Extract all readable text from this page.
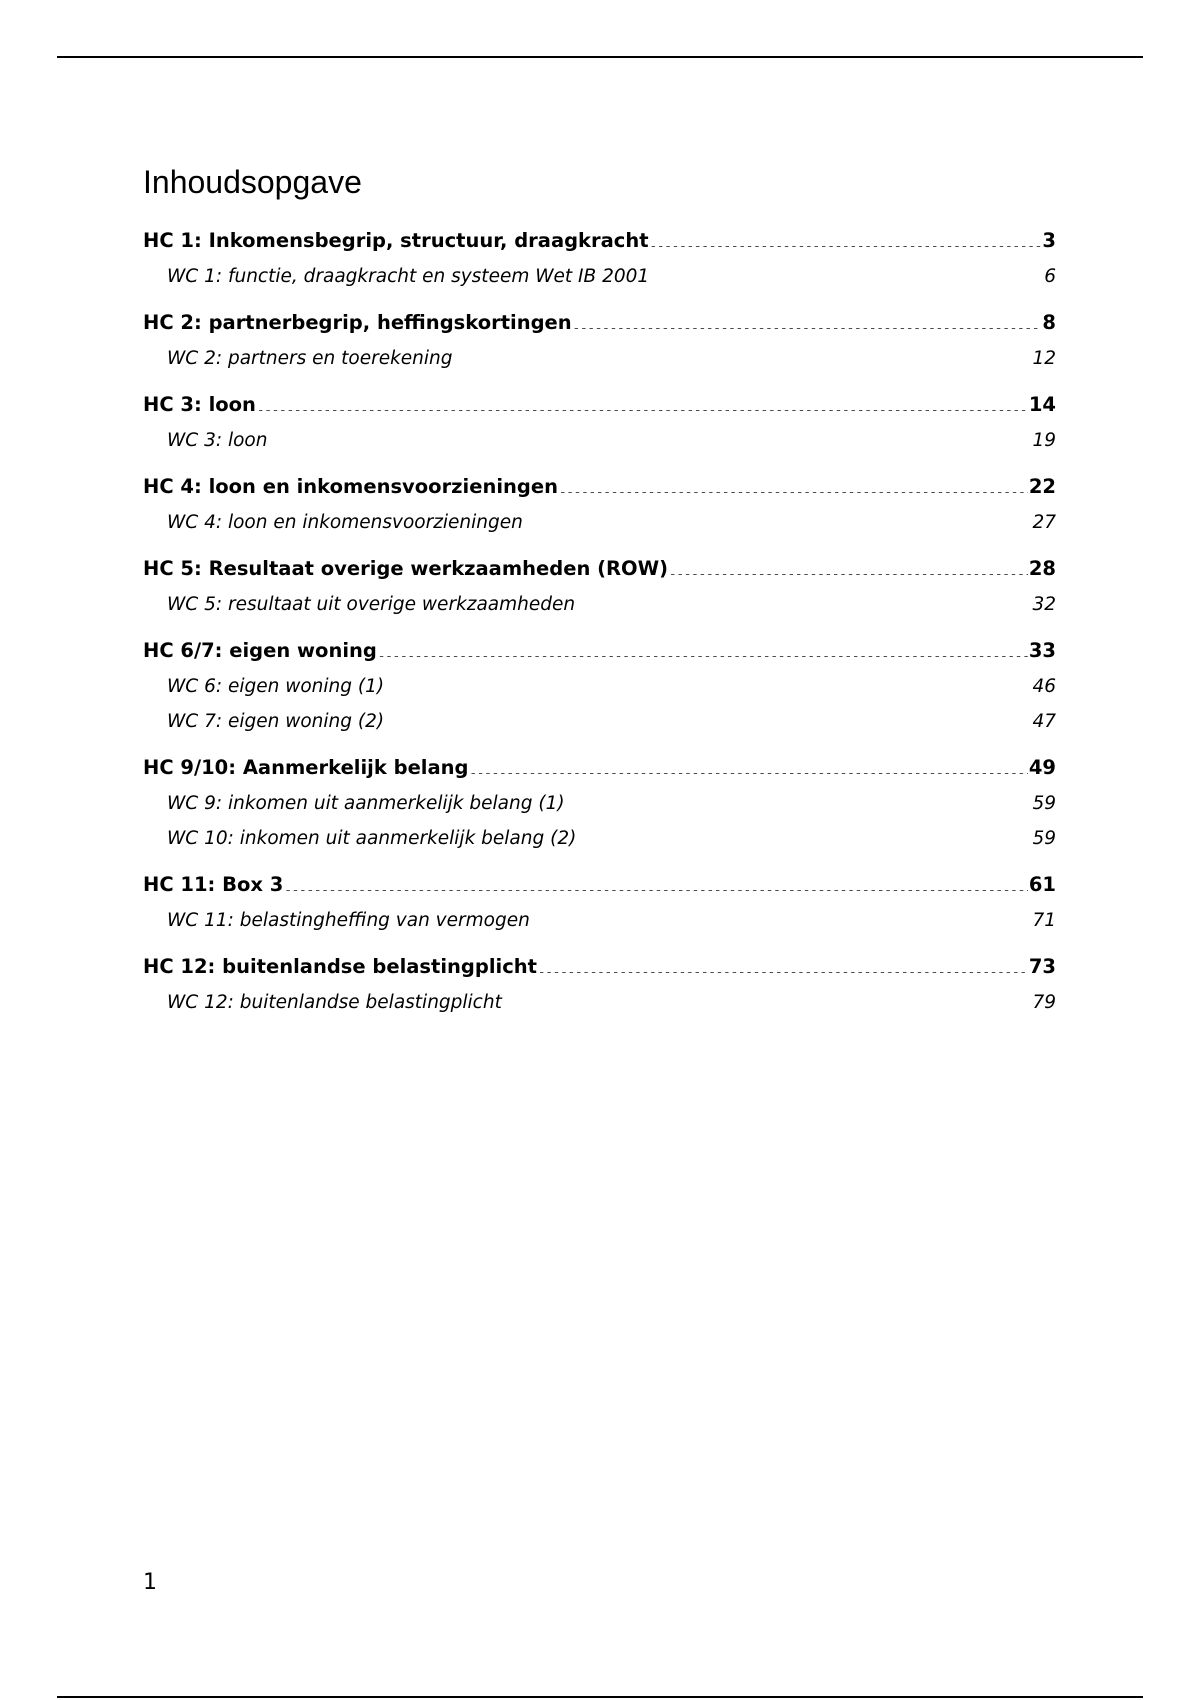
Inhoudsopgave
HC 1: Inkomensbegrip, structuur, draagkracht .....	3
WC 1: functie, draagkracht en systeem Wet IB 2001 .....	6
HC 2: partnerbegrip, heffingskortingen .....	8
WC 2: partners en toerekening .....	12
HC 3: loon .....	14
WC 3: loon .....	19
HC 4: loon en inkomensvoorzieningen .....	22
WC 4: loon en inkomensvoorzieningen .....	27
HC 5: Resultaat overige werkzaamheden (ROW) .....	28
WC 5: resultaat uit overige werkzaamheden .....	32
HC 6/7: eigen woning .....	33
WC 6: eigen woning (1) .....	46
WC 7: eigen woning (2) .....	47
HC 9/10: Aanmerkelijk belang .....	49
WC 9: inkomen uit aanmerkelijk belang (1) .....	59
WC 10: inkomen uit aanmerkelijk belang (2) .....	59
HC 11: Box 3 .....	61
WC 11: belastingheffing van vermogen .....	71
HC 12: buitenlandse belastingplicht .....	73
WC 12: buitenlandse belastingplicht .....	79
1
